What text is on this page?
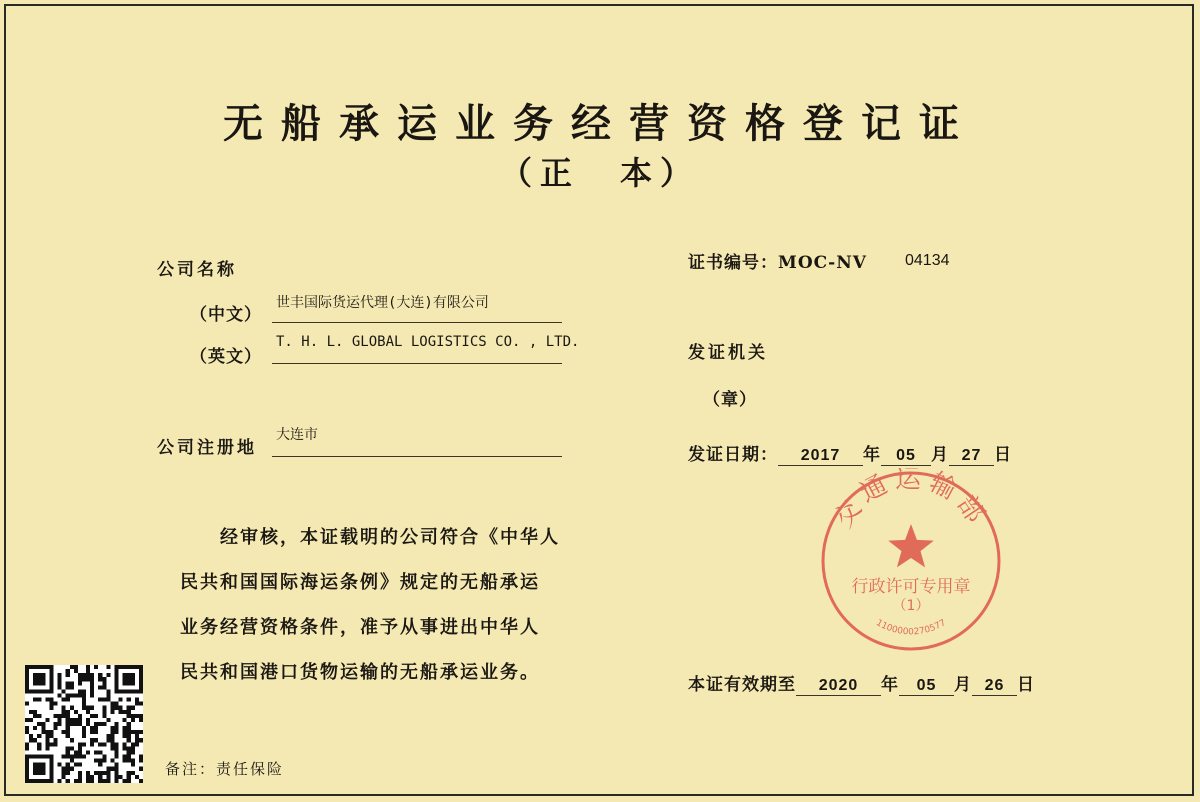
无船承运业务经营资格登记证
（正　本）
公司名称
（中文）
世丰国际货运代理(大连)有限公司
（英文）
T. H. L. GLOBAL LOGISTICS CO. , LTD.
公司注册地
大连市
经审核，本证载明的公司符合《中华人
民共和国国际海运条例》规定的无船承运
业务经营资格条件，准予从事进出中华人
民共和国港口货物运输的无船承运业务。
备注：责任保险
证书编号：MOC-NV 04134
发证机关
（章）
发证日期： 2017 年 05 月 27 日
本证有效期至 2020 年 05 月 26 日
交通运输部
行政许可专用章
（1）
1100000270577
